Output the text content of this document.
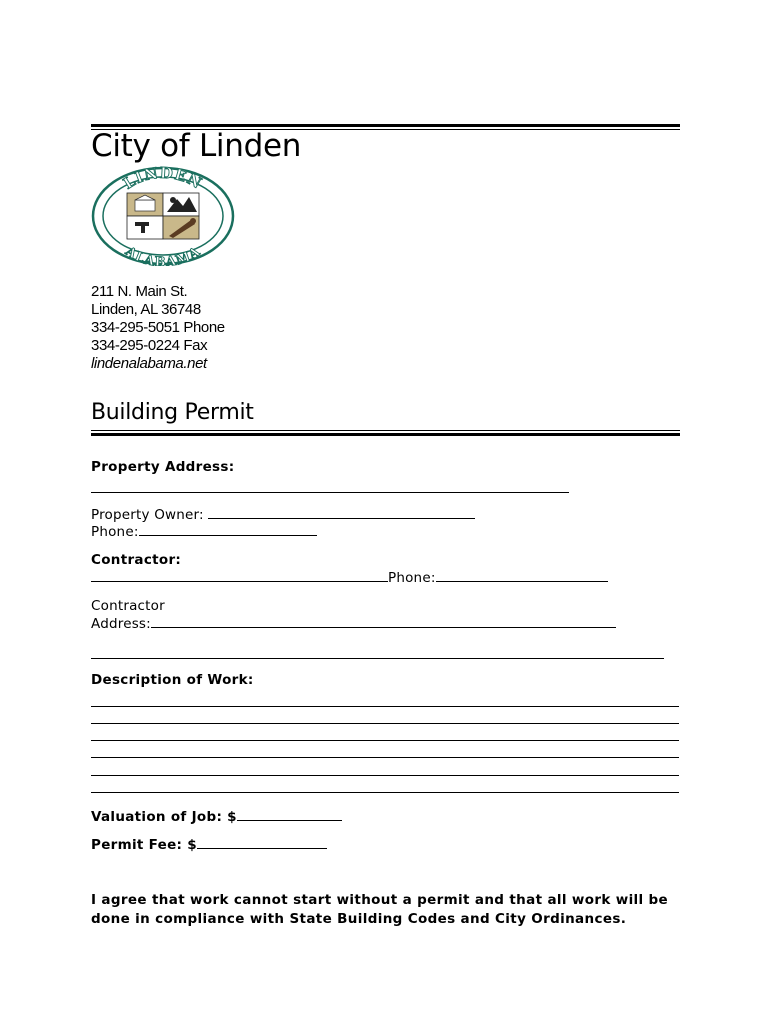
City of Linden
LINDEN
ALABAMA
211 N. Main St.
Linden, AL 36748
334-295-5051 Phone
334-295-0224 Fax
lindenalabama.net
Building Permit
Property Address:
Property Owner:
Phone:
Contractor:
Phone:
Contractor
Address:
Description of Work:
Valuation of Job: $
Permit Fee: $
I agree that work cannot start without a permit and that all work will be
done in compliance with State Building Codes and City Ordinances.
